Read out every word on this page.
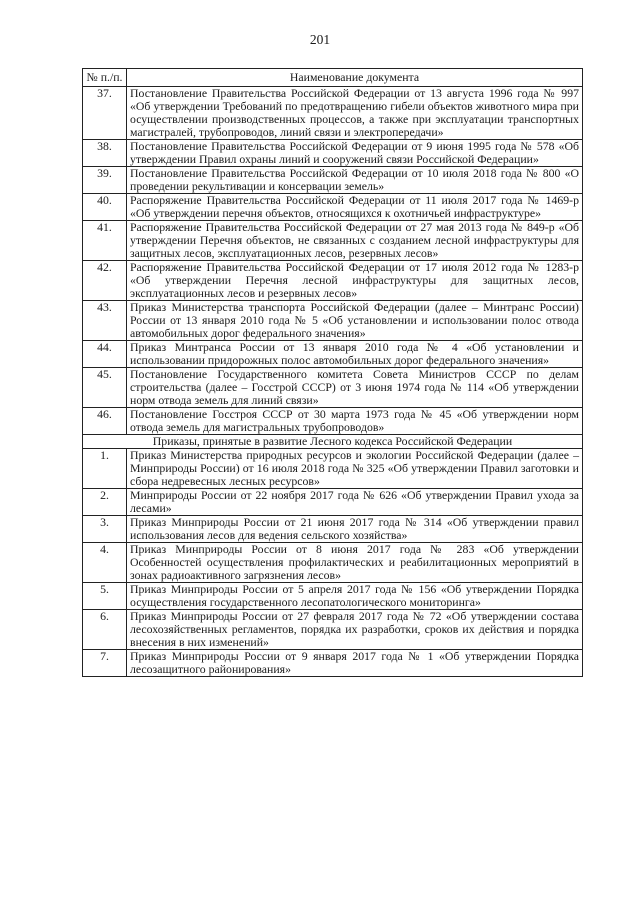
201
№ п./п.	Наименование документа
37.	Постановление Правительства Российской Федерации от 13 августа 1996 года № 997 «Об утверждении Требований по предотвращению гибели объектов животного мира при осуществлении производственных процессов, а также при эксплуатации транспортных магистралей, трубопроводов, линий связи и электропередачи»
38.	Постановление Правительства Российской Федерации от 9 июня 1995 года № 578 «Об утверждении Правил охраны линий и сооружений связи Российской Федерации»
39.	Постановление Правительства Российской Федерации от 10 июля 2018 года № 800 «О проведении рекультивации и консервации земель»
40.	Распоряжение Правительства Российской Федерации от 11 июля 2017 года № 1469-р «Об утверждении перечня объектов, относящихся к охотничьей инфраструктуре»
41.	Распоряжение Правительства Российской Федерации от 27 мая 2013 года № 849-р «Об утверждении Перечня объектов, не связанных с созданием лесной инфраструктуры для защитных лесов, эксплуатационных лесов, резервных лесов»
42.	Распоряжение Правительства Российской Федерации от 17 июля 2012 года № 1283-р «Об утверждении Перечня лесной инфраструктуры для защитных лесов, эксплуатационных лесов и резервных лесов»
43.	Приказ Министерства транспорта Российской Федерации (далее – Минтранс России) России от 13 января 2010 года № 5 «Об установлении и использовании полос отвода автомобильных дорог федерального значения»
44.	Приказ Минтранса России от 13 января 2010 года № 4 «Об установлении и использовании придорожных полос автомобильных дорог федерального значения»
45.	Постановление Государственного комитета Совета Министров СССР по делам строительства (далее – Госстрой СССР) от 3 июня 1974 года № 114 «Об утверждении норм отвода земель для линий связи»
46.	Постановление Госстроя СССР от 30 марта 1973 года № 45 «Об утверждении норм отвода земель для магистральных трубопроводов»
Приказы, принятые в развитие Лесного кодекса Российской Федерации	
1.	Приказ Министерства природных ресурсов и экологии Российской Федерации (далее – Минприроды России) от 16 июля 2018 года № 325 «Об утверждении Правил заготовки и сбора недревесных лесных ресурсов»
2.	Минприроды России от 22 ноября 2017 года № 626 «Об утверждении Правил ухода за лесами»
3.	Приказ Минприроды России от 21 июня 2017 года № 314 «Об утверждении правил использования лесов для ведения сельского хозяйства»
4.	Приказ Минприроды России от 8 июня 2017 года № 283 «Об утверждении Особенностей осуществления профилактических и реабилитационных мероприятий в зонах радиоактивного загрязнения лесов»
5.	Приказ Минприроды России от 5 апреля 2017 года № 156 «Об утверждении Порядка осуществления государственного лесопатологического мониторинга»
6.	Приказ Минприроды России от 27 февраля 2017 года № 72 «Об утверждении состава лесохозяйственных регламентов, порядка их разработки, сроков их действия и порядка внесения в них изменений»
7.	Приказ Минприроды России от 9 января 2017 года № 1 «Об утверждении Порядка лесозащитного районирования»
